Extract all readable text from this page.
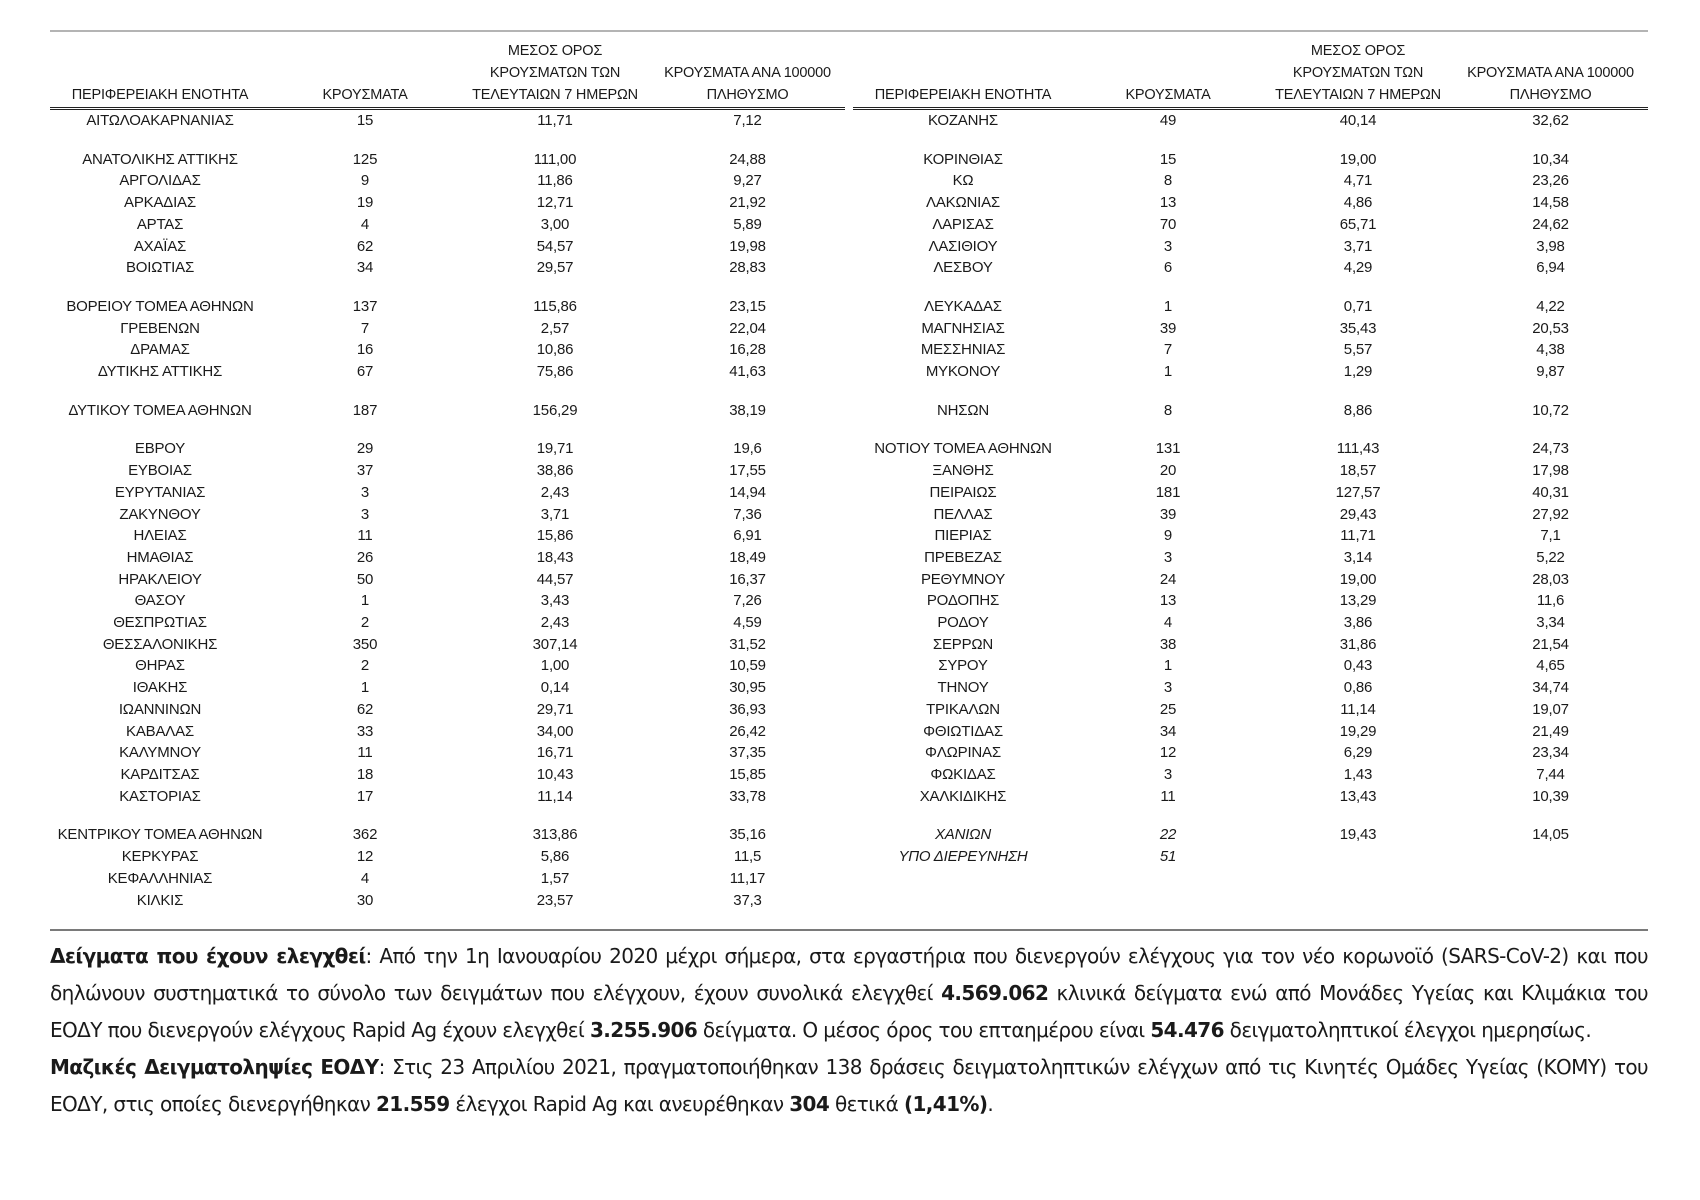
ΠΕΡΙΦΕΡΕΙΑΚΗ ΕΝΟΤΗΤΑ	ΚΡΟΥΣΜΑΤΑ	ΜΕΣΟΣ ΟΡΟΣ
ΚΡΟΥΣΜΑΤΩΝ ΤΩΝ
ΤΕΛΕΥΤΑΙΩΝ 7 ΗΜΕΡΩΝ	ΚΡΟΥΣΜΑΤΑ ΑΝΑ 100000
ΠΛΗΘΥΣΜΟ
ΑΙΤΩΛΟΑΚΑΡΝΑΝΙΑΣ	15	11,71	7,12

ΑΝΑΤΟΛΙΚΗΣ ΑΤΤΙΚΗΣ	125	111,00	24,88
ΑΡΓΟΛΙΔΑΣ	9	11,86	9,27
ΑΡΚΑΔΙΑΣ	19	12,71	21,92
ΑΡΤΑΣ	4	3,00	5,89
ΑΧΑΪΑΣ	62	54,57	19,98
ΒΟΙΩΤΙΑΣ	34	29,57	28,83

ΒΟΡΕΙΟΥ ΤΟΜΕΑ ΑΘΗΝΩΝ	137	115,86	23,15
ΓΡΕΒΕΝΩΝ	7	2,57	22,04
ΔΡΑΜΑΣ	16	10,86	16,28
ΔΥΤΙΚΗΣ ΑΤΤΙΚΗΣ	67	75,86	41,63

ΔΥΤΙΚΟΥ ΤΟΜΕΑ ΑΘΗΝΩΝ	187	156,29	38,19

ΕΒΡΟΥ	29	19,71	19,6
ΕΥΒΟΙΑΣ	37	38,86	17,55
ΕΥΡΥΤΑΝΙΑΣ	3	2,43	14,94
ΖΑΚΥΝΘΟΥ	3	3,71	7,36
ΗΛΕΙΑΣ	11	15,86	6,91
ΗΜΑΘΙΑΣ	26	18,43	18,49
ΗΡΑΚΛΕΙΟΥ	50	44,57	16,37
ΘΑΣΟΥ	1	3,43	7,26
ΘΕΣΠΡΩΤΙΑΣ	2	2,43	4,59
ΘΕΣΣΑΛΟΝΙΚΗΣ	350	307,14	31,52
ΘΗΡΑΣ	2	1,00	10,59
ΙΘΑΚΗΣ	1	0,14	30,95
ΙΩΑΝΝΙΝΩΝ	62	29,71	36,93
ΚΑΒΑΛΑΣ	33	34,00	26,42
ΚΑΛΥΜΝΟΥ	11	16,71	37,35
ΚΑΡΔΙΤΣΑΣ	18	10,43	15,85
ΚΑΣΤΟΡΙΑΣ	17	11,14	33,78

ΚΕΝΤΡΙΚΟΥ ΤΟΜΕΑ ΑΘΗΝΩΝ	362	313,86	35,16
ΚΕΡΚΥΡΑΣ	12	5,86	11,5
ΚΕΦΑΛΛΗΝΙΑΣ	4	1,57	11,17
ΚΙΛΚΙΣ	30	23,57	37,3
ΠΕΡΙΦΕΡΕΙΑΚΗ ΕΝΟΤΗΤΑ	ΚΡΟΥΣΜΑΤΑ	ΜΕΣΟΣ ΟΡΟΣ
ΚΡΟΥΣΜΑΤΩΝ ΤΩΝ
ΤΕΛΕΥΤΑΙΩΝ 7 ΗΜΕΡΩΝ	ΚΡΟΥΣΜΑΤΑ ΑΝΑ 100000
ΠΛΗΘΥΣΜΟ
ΚΟΖΑΝΗΣ	49	40,14	32,62

ΚΟΡΙΝΘΙΑΣ	15	19,00	10,34
ΚΩ	8	4,71	23,26
ΛΑΚΩΝΙΑΣ	13	4,86	14,58
ΛΑΡΙΣΑΣ	70	65,71	24,62
ΛΑΣΙΘΙΟΥ	3	3,71	3,98
ΛΕΣΒΟΥ	6	4,29	6,94

ΛΕΥΚΑΔΑΣ	1	0,71	4,22
ΜΑΓΝΗΣΙΑΣ	39	35,43	20,53
ΜΕΣΣΗΝΙΑΣ	7	5,57	4,38
ΜΥΚΟΝΟΥ	1	1,29	9,87

ΝΗΣΩΝ	8	8,86	10,72

ΝΟΤΙΟΥ ΤΟΜΕΑ ΑΘΗΝΩΝ	131	111,43	24,73
ΞΑΝΘΗΣ	20	18,57	17,98
ΠΕΙΡΑΙΩΣ	181	127,57	40,31
ΠΕΛΛΑΣ	39	29,43	27,92
ΠΙΕΡΙΑΣ	9	11,71	7,1
ΠΡΕΒΕΖΑΣ	3	3,14	5,22
ΡΕΘΥΜΝΟΥ	24	19,00	28,03
ΡΟΔΟΠΗΣ	13	13,29	11,6
ΡΟΔΟΥ	4	3,86	3,34
ΣΕΡΡΩΝ	38	31,86	21,54
ΣΥΡΟΥ	1	0,43	4,65
ΤΗΝΟΥ	3	0,86	34,74
ΤΡΙΚΑΛΩΝ	25	11,14	19,07
ΦΘΙΩΤΙΔΑΣ	34	19,29	21,49
ΦΛΩΡΙΝΑΣ	12	6,29	23,34
ΦΩΚΙΔΑΣ	3	1,43	7,44
ΧΑΛΚΙΔΙΚΗΣ	11	13,43	10,39

ΧΑΝΙΩΝ	22	19,43	14,05
ΥΠΟ ΔΙΕΡΕΥΝΗΣΗ	51		

Δείγματα που έχουν ελεγχθεί: Από την 1η Ιανουαρίου 2020 μέχρι σήμερα, στα εργαστήρια που διενεργούν ελέγχους για τον νέο κορωνοϊό (SARS-CoV-2) και που δηλώνουν συστηματικά το σύνολο των δειγμάτων που ελέγχουν, έχουν συνολικά ελεγχθεί 4.569.062 κλινικά δείγματα ενώ από Μονάδες Υγείας και Κλιμάκια του ΕΟΔΥ που διενεργούν ελέγχους Rapid Ag έχουν ελεγχθεί 3.255.906 δείγματα. Ο μέσος όρος του επταημέρου είναι 54.476 δειγματοληπτικοί έλεγχοι ημερησίως.

Μαζικές Δειγματοληψίες ΕΟΔΥ: Στις 23 Απριλίου 2021, πραγματοποιήθηκαν 138 δράσεις δειγματοληπτικών ελέγχων από τις Κινητές Ομάδες Υγείας (ΚΟΜΥ) του ΕΟΔΥ, στις οποίες διενεργήθηκαν 21.559 έλεγχοι Rapid Ag και ανευρέθηκαν 304 θετικά (1,41%).
